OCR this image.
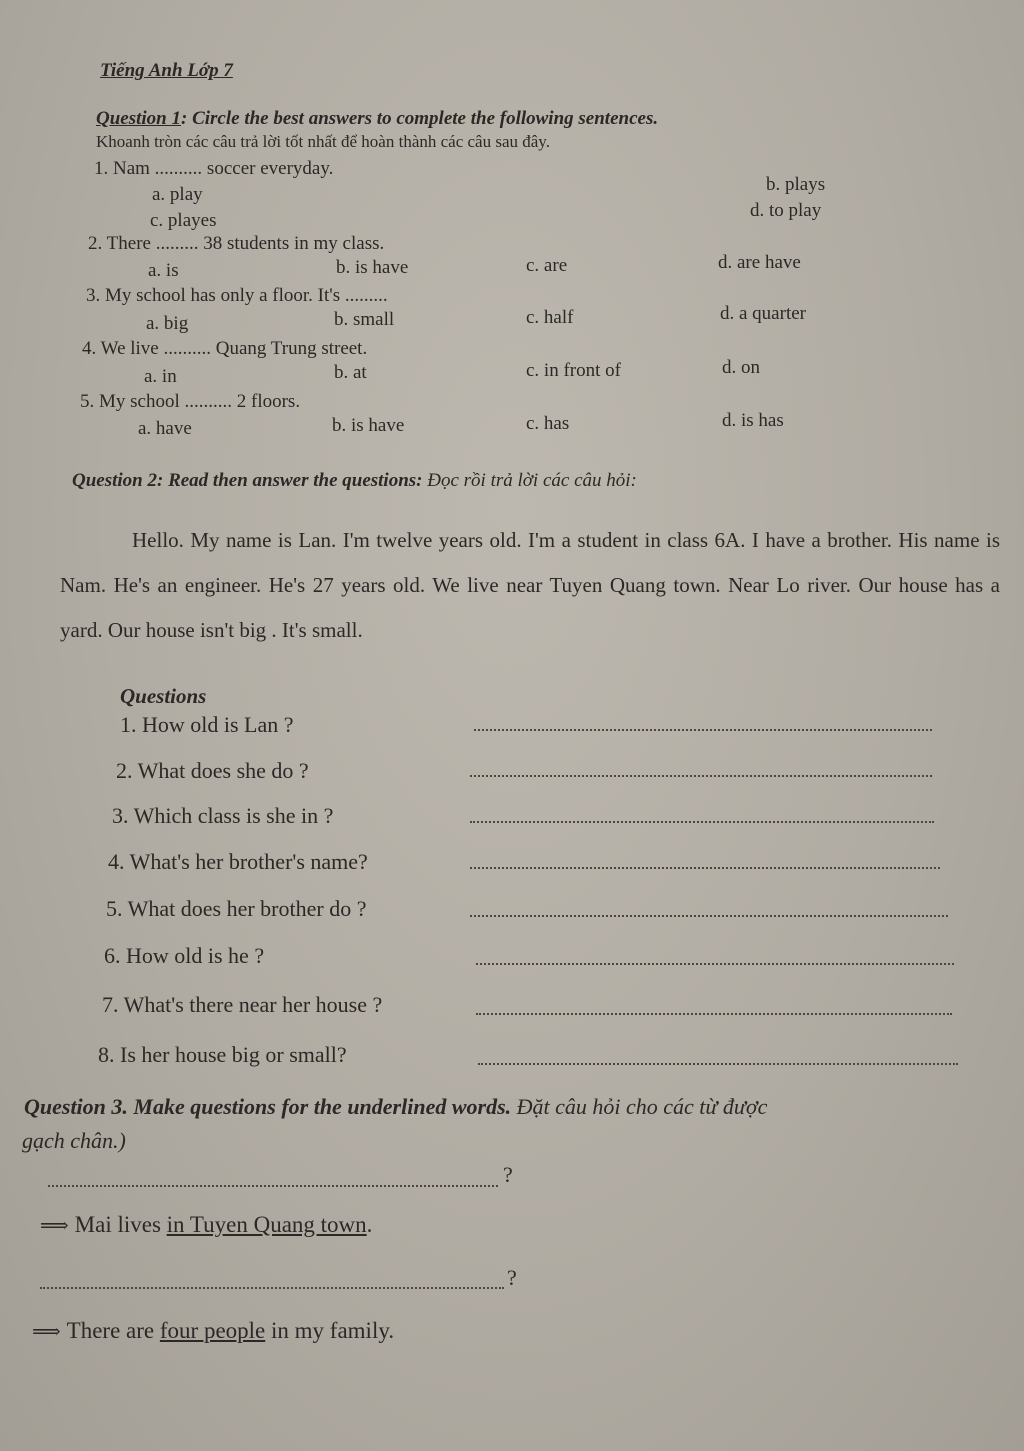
Tiếng Anh Lớp 7
Question 1: Circle the best answers to complete the following sentences.
Khoanh tròn các câu trả lời tốt nhất để hoàn thành các câu sau đây.
1. Nam .......... soccer everyday.
a. play	b. plays
c. playes	d. to play
2. There ......... 38 students in my class.
a. is	b. is have	c. are	d. are have
3. My school has only a floor. It's .........
a. big	b. small	c. half	d. a quarter
4. We live .......... Quang Trung street.
a. in	b. at	c. in front of	d. on
5. My school .......... 2 floors.
a. have	b. is have	c. has	d. is has
Question 2: Read then answer the questions: Đọc rồi trả lời các câu hỏi:
Hello. My name is Lan. I'm twelve years old. I'm a student in class 6A. I have a brother. His name is Nam. He's an engineer. He's 27 years old. We live near Tuyen Quang town. Near Lo river. Our house has a yard. Our house isn't big . It's small.
Questions
1. How old is Lan ?
2. What does she do ?
3. Which class is she in ?
4. What's her brother's name?
5. What does her brother do ?
6. How old is he ?
7. What's there near her house ?
8. Is her house big or small?
Question 3. Make questions for the underlined words. Đặt câu hỏi cho các từ được
gạch chân.)
?
⟹ Mai lives in Tuyen Quang town.
?
⟹ There are four people in my family.
